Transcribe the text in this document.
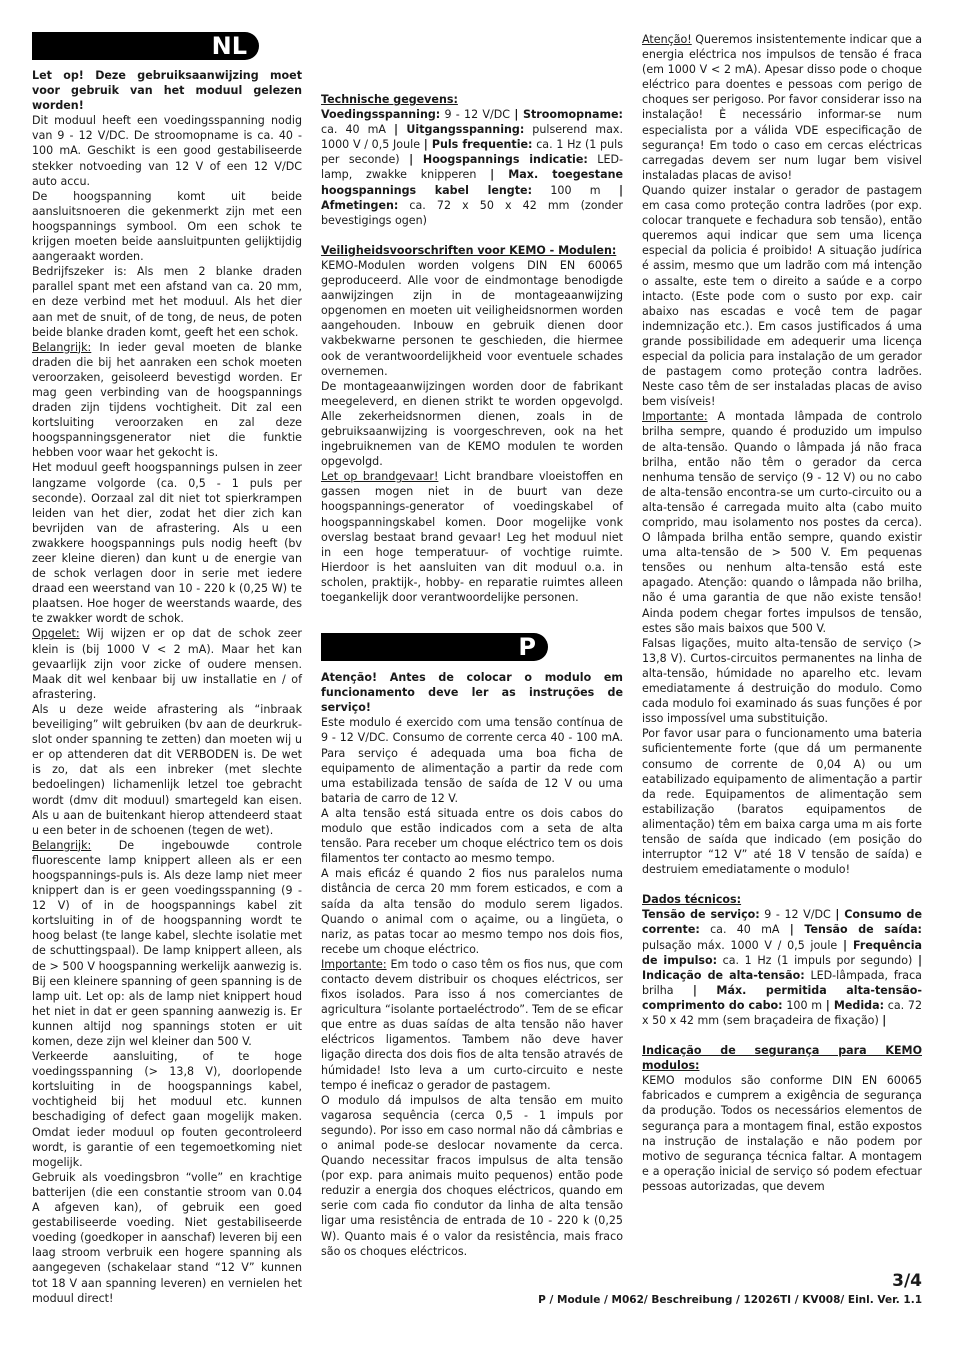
NL

Let op! Deze gebruiksaanwijzing moet voor gebruik van het moduul gelezen worden!

Dit moduul heeft een voedingsspanning nodig van 9 - 12 V/DC. De stroomopname is ca. 40 - 100 mA. Geschikt is een good gestabiliseerde stekker notvoeding van 12 V of een 12 V/DC auto accu.

De hoogspanning komt uit beide aansluitsnoeren die gekenmerkt zijn met een hoogspannings symbool. Om een schok te krijgen moeten beide aansluitpunten gelijktijdig aangeraakt worden.

Bedrijfszeker is: Als men 2 blanke draden parallel spant met een afstand van ca. 20 mm, en deze verbind met het moduul. Als het dier aan met de snuit, of de tong, de neus, de poten beide blanke draden komt, geeft het een schok.

Belangrijk: In ieder geval moeten de blanke draden die bij het aanraken een schok moeten veroorzaken, geisoleerd bevestigd worden. Er mag geen verbinding van de hoogspannings draden zijn tijdens vochtigheit. Dit zal een kortsluiting veroorzaken en zal deze hoogspanningsgenerator niet die funktie hebben voor waar het gekocht is.

Het moduul geeft hoogspannings pulsen in zeer langzame volgorde (ca. 0,5 - 1 puls per seconde). Oorzaal zal dit niet tot spierkrampen leiden van het dier, zodat het dier zich kan bevrijden van de afrastering. Als u een zwakkere hoogspannings puls nodig heeft (bv zeer kleine dieren) dan kunt u de energie van de schok verlagen door in serie met iedere draad een weerstand van 10 - 220 k (0,25 W) te plaatsen. Hoe hoger de weerstands waarde, des te zwakker wordt de schok.

Opgelet: Wij wijzen er op dat de schok zeer klein is (bij 1000 V < 2 mA). Maar het kan gevaarlijk zijn voor zicke of oudere mensen. Maak dit wel kenbaar bij uw installatie en / of afrastering.

Als u deze weide afrastering als “inbraak beveiliging” wilt gebruiken (bv aan de deurkruk-slot onder spanning te zetten) dan moeten wij u er op attenderen dat dit VERBODEN is. De wet is zo, dat als een inbreker (met slechte bedoelingen) lichamenlijk letzel toe gebracht wordt (dmv dit moduul) smartegeld kan eisen. Als u aan de buitenkant hierop attendeerd staat u een beter in de schoenen (tegen de wet).

Belangrijk: De ingebouwde controle fluorescente lamp knippert alleen als er een hoogspannings-puls is. Als deze lamp niet meer knippert dan is er geen voedingsspanning (9 - 12 V) of in de hoogspannings kabel zit kortsluiting in of de hoogspanning wordt te hoog belast (te lange kabel, slechte isolatie met de schuttingspaal). De lamp knippert alleen, als de > 500 V hoogspanning werkelijk aanwezig is. Bij een kleinere spanning of geen spanning is de lamp uit. Let op: als de lamp niet knippert houd het niet in dat er geen spanning aanwezig is. Er kunnen altijd nog spannings stoten er uit komen, deze zijn wel kleiner dan 500 V.

Verkeerde aansluiting, of te hoge voedingsspanning (> 13,8 V), doorlopende kortsluiting in de hoogspannings kabel, vochtigheid bij het moduul etc. kunnen beschadiging of defect gaan mogelijk maken. Omdat ieder moduul op fouten gecontroleerd wordt, is garantie of een tegemoetkoming niet mogelijk.

Gebruik als voedingsbron “volle” en krachtige batterijen (die een constantie stroom van 0.04 A afgeven kan), of gebruik een goed gestabiliseerde voeding. Niet gestabiliseerde voeding (goedkoper in aanschaf) leveren bij een laag stroom verbruik een hogere spanning als aangegeven (schakelaar stand “12 V” kunnen tot 18 V aan spanning leveren) en vernielen het moduul direct!

Technische gegevens:

Voedingsspanning: 9 - 12 V/DC | Stroomopname: ca. 40 mA | Uitgangsspanning: pulserend max. 1000 V / 0,5 Joule | Puls frequentie: ca. 1 Hz (1 puls per seconde) | Hoogspannings indicatie: LED-lamp, zwakke knipperen | Max. toegestane hoogspannings kabel lengte: 100 m | Afmetingen: ca. 72 x 50 x 42 mm (zonder bevestigings ogen)

Veiligheidsvoorschriften voor KEMO - Modulen:

KEMO-Modulen worden volgens DIN EN 60065 geproduceerd. Alle voor de eindmontage benodigde aanwijzingen zijn in de montageaanwijzing opgenomen en moeten uit veiligheidsnormen worden aangehouden. Inbouw en gebruik dienen door vakbekwarne personen te geschieden, die hiermee ook de verantwoordelijkheid voor eventuele schades overnemen.

De montageaanwijzingen worden door de fabrikant meegeleverd, en dienen strikt te worden opgevolgd. Alle zekerheidsnormen dienen, zoals in de gebruiksaanwijzing is voorgeschreven, ook na het ingebruiknemen van de KEMO modulen te worden opgevolgd.

Let op brandgevaar! Licht brandbare vloeistoffen en gassen mogen niet in de buurt van deze hoogspannings-generator of voedingskabel of hoogspanningskabel komen. Door mogelijke vonk overslag bestaat brand gevaar! Leg het moduul niet in een hoge temperatuur- of vochtige ruimte. Hierdoor is het aansluiten van dit moduul o.a. in scholen, praktijk-, hobby- en reparatie ruimtes alleen toegankelijk door verantwoordelijke personen.

P

Atenção! Antes de colocar o modulo em funcionamento deve ler as instruções de serviço!

Este modulo é exercido com uma tensão contínua de 9 - 12 V/DC. Consumo de corrente cerca 40 - 100 mA. Para serviço é adequada uma boa ficha de equipamento de alimentação a partir da rede com uma estabilizada tensão de saída de 12 V ou uma bataria de carro de 12 V.

A alta tensão está situada entre os dois cabos do modulo que estão indicados com a seta de alta tensão. Para receber um choque eléctrico tem os dois filamentos ter contacto ao mesmo tempo.

A mais eficáz é quando 2 fios nus paralelos numa distância de cerca 20 mm forem esticados, e com a saída da alta tensão do modulo serem ligados. Quando o animal com o açaime, ou a lingüeta, o nariz, as patas tocar ao mesmo tempo nos dois fios, recebe um choque eléctrico.

Importante: Em todo o caso têm os fios nus, que com contacto devem distribuir os choques eléctricos, ser fixos isolados. Para isso á nos comerciantes de agricultura “isolante portaeléctrodo”. Tem de se eficar que entre as duas saídas de alta tensão não haver eléctricos ligamentos. Tambem não deve haver ligação directa dos dois fios de alta tensão através de húmidade! Isto leva a um curto-circuito e neste tempo é ineficaz o gerador de pastagem.

O modulo dá impulsos de alta tensão em muito vagarosa sequência (cerca 0,5 - 1 impuls por segundo). Por isso em caso normal não dá câmbrias e o animal pode-se deslocar novamente da cerca. Quando necessitar fracos impulsus de alta tensão (por exp. para animais muito pequenos) então pode reduzir a energia dos choques eléctricos, quando em serie com cada fio condutor da linha de alta tensão ligar uma resistência de entrada de 10 - 220 k (0,25 W). Quanto mais é o valor da resistência, mais fraco são os choques eléctricos.

Atenção! Queremos insistentemente indicar que a energia eléctrica nos impulsos de tensão é fraca (em 1000 V < 2 mA). Apesar disso pode o choque eléctrico para doentes e pessoas com perigo de choques ser perigoso. Por favor considerar isso na instalação! È necessário informar-se num especialista por a válida VDE especificação de segurança! Em todo o caso em cercas eléctricas carregadas devem ser num lugar bem visivel instaladas placas de aviso!

Quando quizer instalar o gerador de pastagem em casa como proteção contra ladrões (por exp. colocar tranquete e fechadura sob tensão), então queremos aqui indicar que sem uma licença especial da policia é proibido! A situação judírica é assim, mesmo que um ladrão com má intenção o assalte, este tem o direito a saúde e a corpo intacto. (Este pode com o susto por exp. cair abaixo nas escadas e você tem de pagar indemnização etc.). Em casos justificados á uma grande possibilidade em adequerir uma licença especial da policia para instalação de um gerador de pastagem como proteção contra ladrões. Neste caso têm de ser instaladas placas de aviso bem visíveis!

Importante: A montada lâmpada de controlo brilha sempre, quando é produzido um impulso de alta-tensão. Quando o lâmpada já não fraca brilha, então não têm o gerador da cerca nenhuma tensão de serviço (9 - 12 V) ou no cabo de alta-tensão encontra-se um curto-circuito ou a alta-tensão é carregada muito alta (cabo muito comprido, mau isolamento nos postes da cerca). O lâmpada brilha então sempre, quando existir uma alta-tensão de > 500 V. Em pequenas tensões ou nenhum alta-tensão está este apagado. Atenção: quando o lâmpada não brilha, não é uma garantia de que não existe tensão! Ainda podem chegar fortes impulsos de tensão, estes são mais baixos que 500 V.

Falsas ligações, muito alta-tensão de serviço (> 13,8 V). Curtos-circuitos permanentes na linha de alta-tensão, húmidade no aparelho etc. levam emediatamente á destruição do modulo. Como cada modulo foi examinado ás suas funções é por isso impossível uma substituição.

Por favor usar para o funcionamento uma bateria suficientemente forte (que dá um permanente consumo de corrente de 0,04 A) ou um eatabilizado equipamento de alimentação a partir da rede. Equipamentos de alimentação sem estabilização (baratos equipamentos de alimentação) têm em baixa carga uma m ais forte tensão de saída que indicado (em posição do interruptor “12 V” até 18 V tensão de saída) e destruiem emediatamente o modulo!

Dados técnicos:

Tensão de serviço: 9 - 12 V/DC | Consumo de corrente: ca. 40 mA | Tensão de saída: pulsação máx. 1000 V / 0,5 joule | Frequência de impulso: ca. 1 Hz (1 impuls por segundo) | Indicação de alta-tensão: LED-lâmpada, fraca brilha | Máx. permitida alta-tensão-comprimento do cabo: 100 m | Medida: ca. 72 x 50 x 42 mm (sem braçadeira de fixação) |

Indicação de segurança para KEMO modulos:

KEMO modulos são conforme DIN EN 60065 fabricados e cumprem a exigência de segurança da produção. Todos os necessários elementos de segurança para a montagem final, estão expostos na instrução de instalação e não podem por motivo de segurança técnica faltar. A montagem e a operação inicial de serviço só podem efectuar pessoas autorizadas, que devem

3/4
P / Module / M062/ Beschreibung / 12026TI / KV008/ Einl. Ver. 1.1
